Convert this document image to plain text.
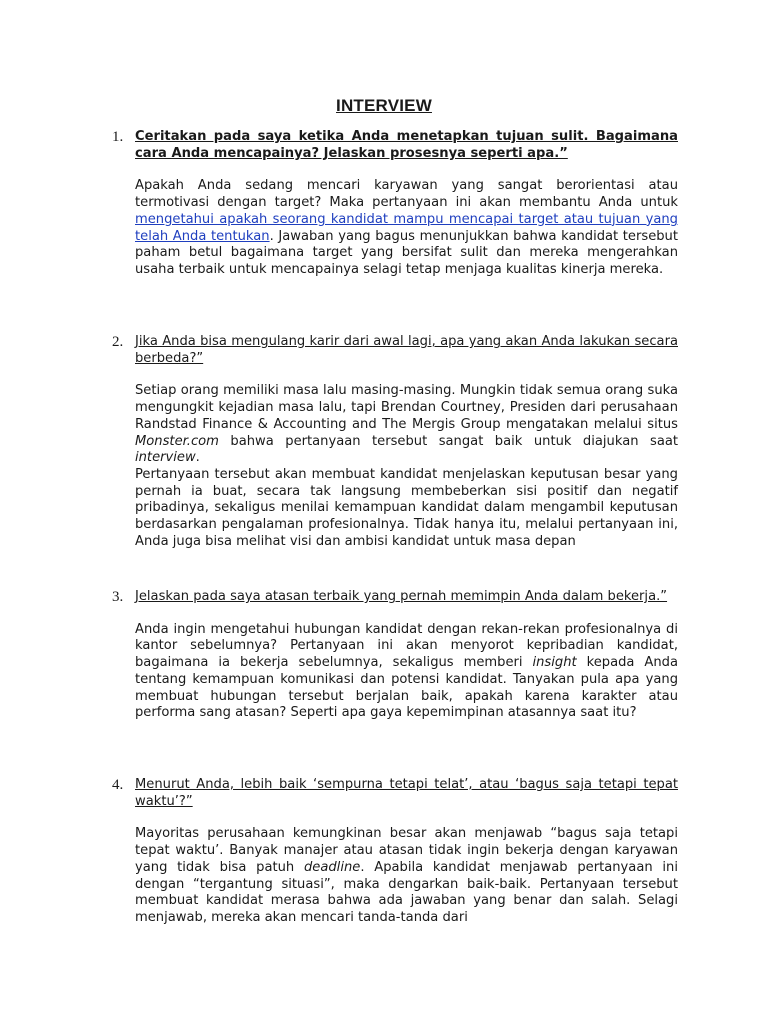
INTERVIEW
1. Ceritakan pada saya ketika Anda menetapkan tujuan sulit. Bagaimana cara Anda mencapainya? Jelaskan prosesnya seperti apa.”
Apakah Anda sedang mencari karyawan yang sangat berorientasi atau termotivasi dengan target? Maka pertanyaan ini akan membantu Anda untuk mengetahui apakah seorang kandidat mampu mencapai target atau tujuan yang telah Anda tentukan. Jawaban yang bagus menunjukkan bahwa kandidat tersebut paham betul bagaimana target yang bersifat sulit dan mereka mengerahkan usaha terbaik untuk mencapainya selagi tetap menjaga kualitas kinerja mereka.
2. Jika Anda bisa mengulang karir dari awal lagi, apa yang akan Anda lakukan secara berbeda?”
Setiap orang memiliki masa lalu masing-masing. Mungkin tidak semua orang suka mengungkit kejadian masa lalu, tapi Brendan Courtney, Presiden dari perusahaan Randstad Finance & Accounting and The Mergis Group mengatakan melalui situs Monster.com bahwa pertanyaan tersebut sangat baik untuk diajukan saat interview.
Pertanyaan tersebut akan membuat kandidat menjelaskan keputusan besar yang pernah ia buat, secara tak langsung membeberkan sisi positif dan negatif pribadinya, sekaligus menilai kemampuan kandidat dalam mengambil keputusan berdasarkan pengalaman profesionalnya. Tidak hanya itu, melalui pertanyaan ini, Anda juga bisa melihat visi dan ambisi kandidat untuk masa depan
3. Jelaskan pada saya atasan terbaik yang pernah memimpin Anda dalam bekerja.”
Anda ingin mengetahui hubungan kandidat dengan rekan-rekan profesionalnya di kantor sebelumnya? Pertanyaan ini akan menyorot kepribadian kandidat, bagaimana ia bekerja sebelumnya, sekaligus memberi insight kepada Anda tentang kemampuan komunikasi dan potensi kandidat. Tanyakan pula apa yang membuat hubungan tersebut berjalan baik, apakah karena karakter atau performa sang atasan? Seperti apa gaya kepemimpinan atasannya saat itu?
4. Menurut Anda, lebih baik ‘sempurna tetapi telat’, atau ‘bagus saja tetapi tepat waktu’?”
Mayoritas perusahaan kemungkinan besar akan menjawab “bagus saja tetapi tepat waktu’. Banyak manajer atau atasan tidak ingin bekerja dengan karyawan yang tidak bisa patuh deadline. Apabila kandidat menjawab pertanyaan ini dengan “tergantung situasi”, maka dengarkan baik-baik. Pertanyaan tersebut membuat kandidat merasa bahwa ada jawaban yang benar dan salah. Selagi menjawab, mereka akan mencari tanda-tanda dari
